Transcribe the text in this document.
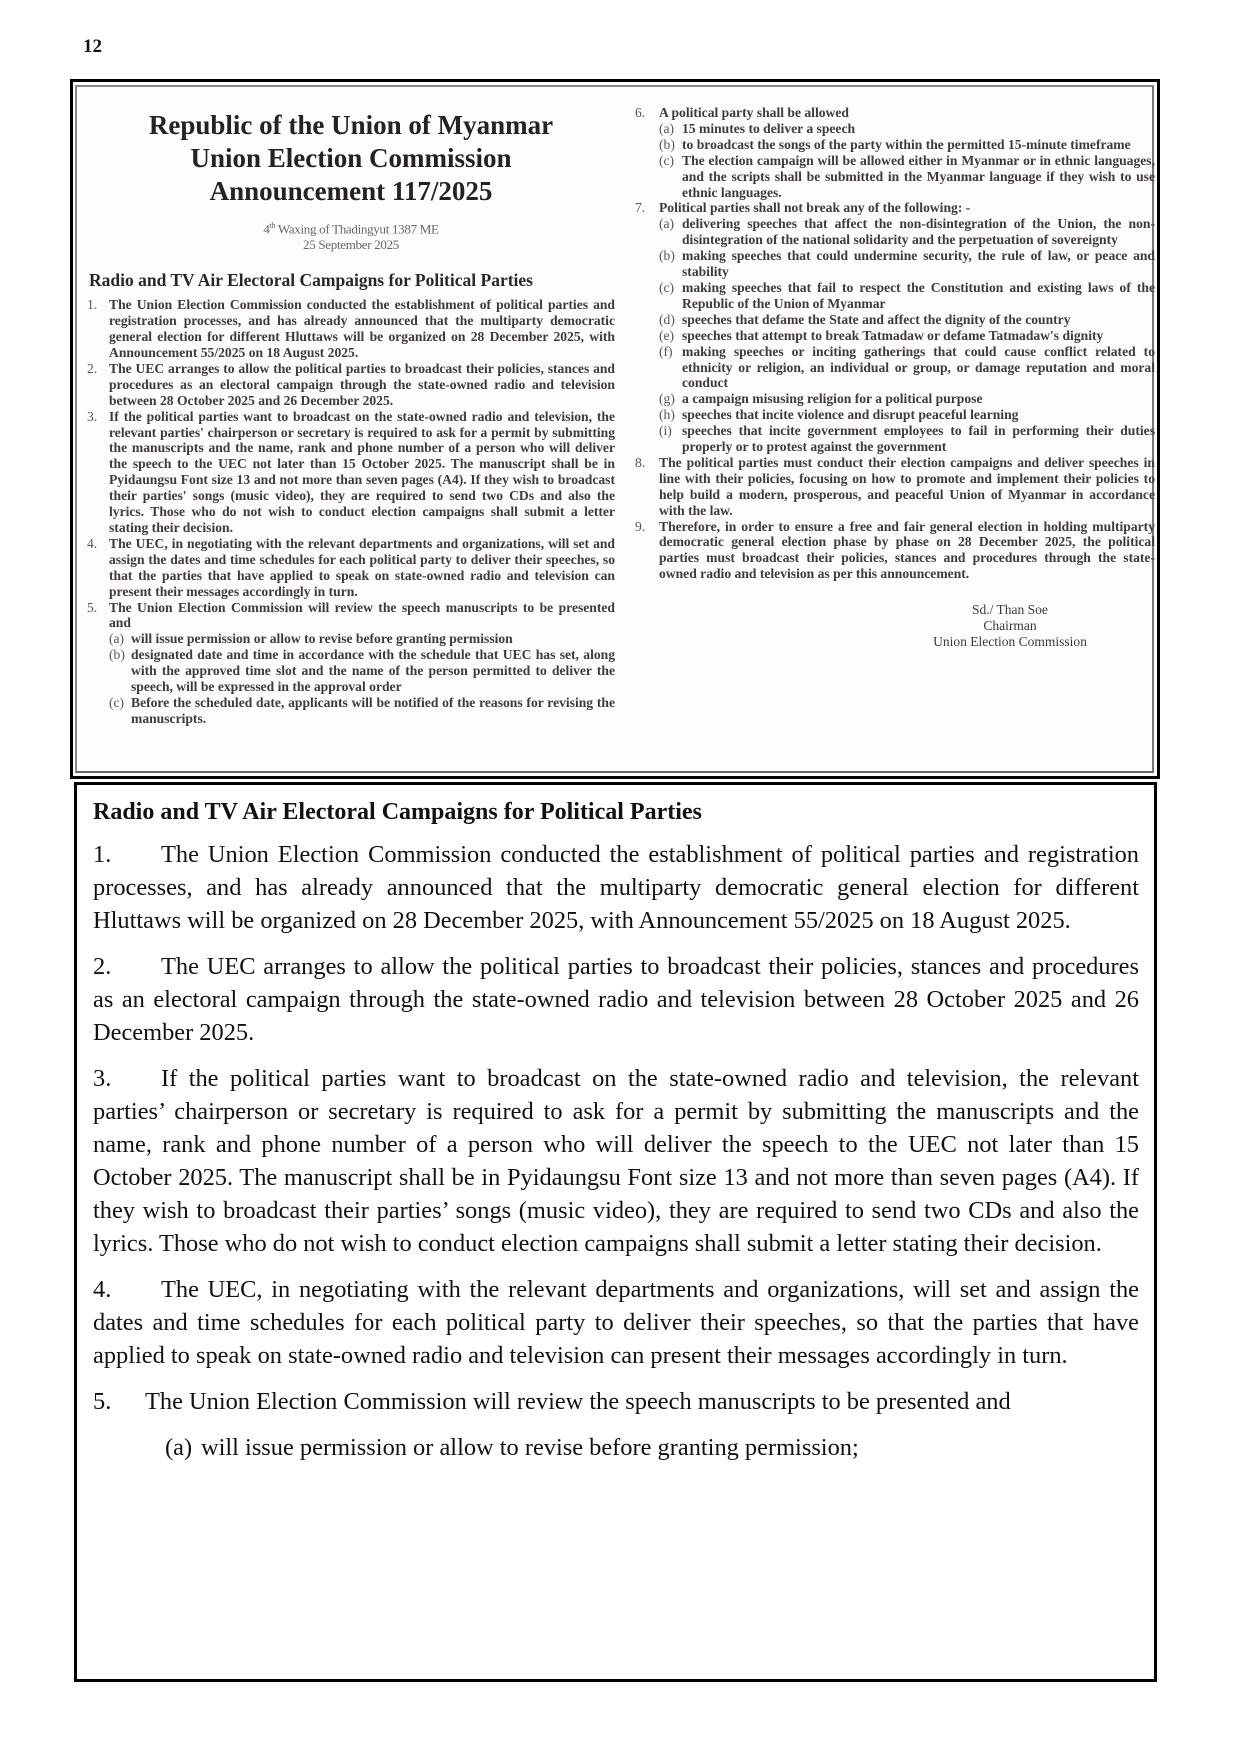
12
Republic of the Union of Myanmar
Union Election Commission
Announcement 117/2025
4th Waxing of Thadingyut 1387 ME
25 September 2025
Radio and TV Air Electoral Campaigns for Political Parties
1. The Union Election Commission conducted the establishment of political parties and registration processes, and has already announced that the multiparty democratic general election for different Hluttaws will be organized on 28 December 2025, with Announcement 55/2025 on 18 August 2025.
2. The UEC arranges to allow the political parties to broadcast their policies, stances and procedures as an electoral campaign through the state-owned radio and television between 28 October 2025 and 26 December 2025.
3. If the political parties want to broadcast on the state-owned radio and television, the relevant parties' chairperson or secretary is required to ask for a permit by submitting the manuscripts and the name, rank and phone number of a person who will deliver the speech to the UEC not later than 15 October 2025. The manuscript shall be in Pyidaungsu Font size 13 and not more than seven pages (A4). If they wish to broadcast their parties' songs (music video), they are required to send two CDs and also the lyrics. Those who do not wish to conduct election campaigns shall submit a letter stating their decision.
4. The UEC, in negotiating with the relevant departments and organizations, will set and assign the dates and time schedules for each political party to deliver their speeches, so that the parties that have applied to speak on state-owned radio and television can present their messages accordingly in turn.
5. The Union Election Commission will review the speech manuscripts to be presented and
(a) will issue permission or allow to revise before granting permission
(b) designated date and time in accordance with the schedule that UEC has set, along with the approved time slot and the name of the person permitted to deliver the speech, will be expressed in the approval order
(c) Before the scheduled date, applicants will be notified of the reasons for revising the manuscripts.
6. A political party shall be allowed
(a) 15 minutes to deliver a speech
(b) to broadcast the songs of the party within the permitted 15-minute timeframe
(c) The election campaign will be allowed either in Myanmar or in ethnic languages, and the scripts shall be submitted in the Myanmar language if they wish to use ethnic languages.
7. Political parties shall not break any of the following: -
(a) delivering speeches that affect the non-disintegration of the Union, the non-disintegration of the national solidarity and the perpetuation of sovereignty
(b) making speeches that could undermine security, the rule of law, or peace and stability
(c) making speeches that fail to respect the Constitution and existing laws of the Republic of the Union of Myanmar
(d) speeches that defame the State and affect the dignity of the country
(e) speeches that attempt to break Tatmadaw or defame Tatmadaw's dignity
(f) making speeches or inciting gatherings that could cause conflict related to ethnicity or religion, an individual or group, or damage reputation and moral conduct
(g) a campaign misusing religion for a political purpose
(h) speeches that incite violence and disrupt peaceful learning
(i) speeches that incite government employees to fail in performing their duties properly or to protest against the government
8. The political parties must conduct their election campaigns and deliver speeches in line with their policies, focusing on how to promote and implement their policies to help build a modern, prosperous, and peaceful Union of Myanmar in accordance with the law.
9. Therefore, in order to ensure a free and fair general election in holding multiparty democratic general election phase by phase on 28 December 2025, the political parties must broadcast their policies, stances and procedures through the state-owned radio and television as per this announcement.
Sd./ Than Soe
Chairman
Union Election Commission
Radio and TV Air Electoral Campaigns for Political Parties
1. The Union Election Commission conducted the establishment of political parties and registration processes, and has already announced that the multiparty democratic general election for different Hluttaws will be organized on 28 December 2025, with Announcement 55/2025 on 18 August 2025.
2. The UEC arranges to allow the political parties to broadcast their policies, stances and procedures as an electoral campaign through the state-owned radio and television between 28 October 2025 and 26 December 2025.
3. If the political parties want to broadcast on the state-owned radio and television, the relevant parties’ chairperson or secretary is required to ask for a permit by submitting the manuscripts and the name, rank and phone number of a person who will deliver the speech to the UEC not later than 15 October 2025. The manuscript shall be in Pyidaungsu Font size 13 and not more than seven pages (A4). If they wish to broadcast their parties’ songs (music video), they are required to send two CDs and also the lyrics. Those who do not wish to conduct election campaigns shall submit a letter stating their decision.
4. The UEC, in negotiating with the relevant departments and organizations, will set and assign the dates and time schedules for each political party to deliver their speeches, so that the parties that have applied to speak on state-owned radio and television can present their messages accordingly in turn.
5. The Union Election Commission will review the speech manuscripts to be presented and
(a) will issue permission or allow to revise before granting permission;
